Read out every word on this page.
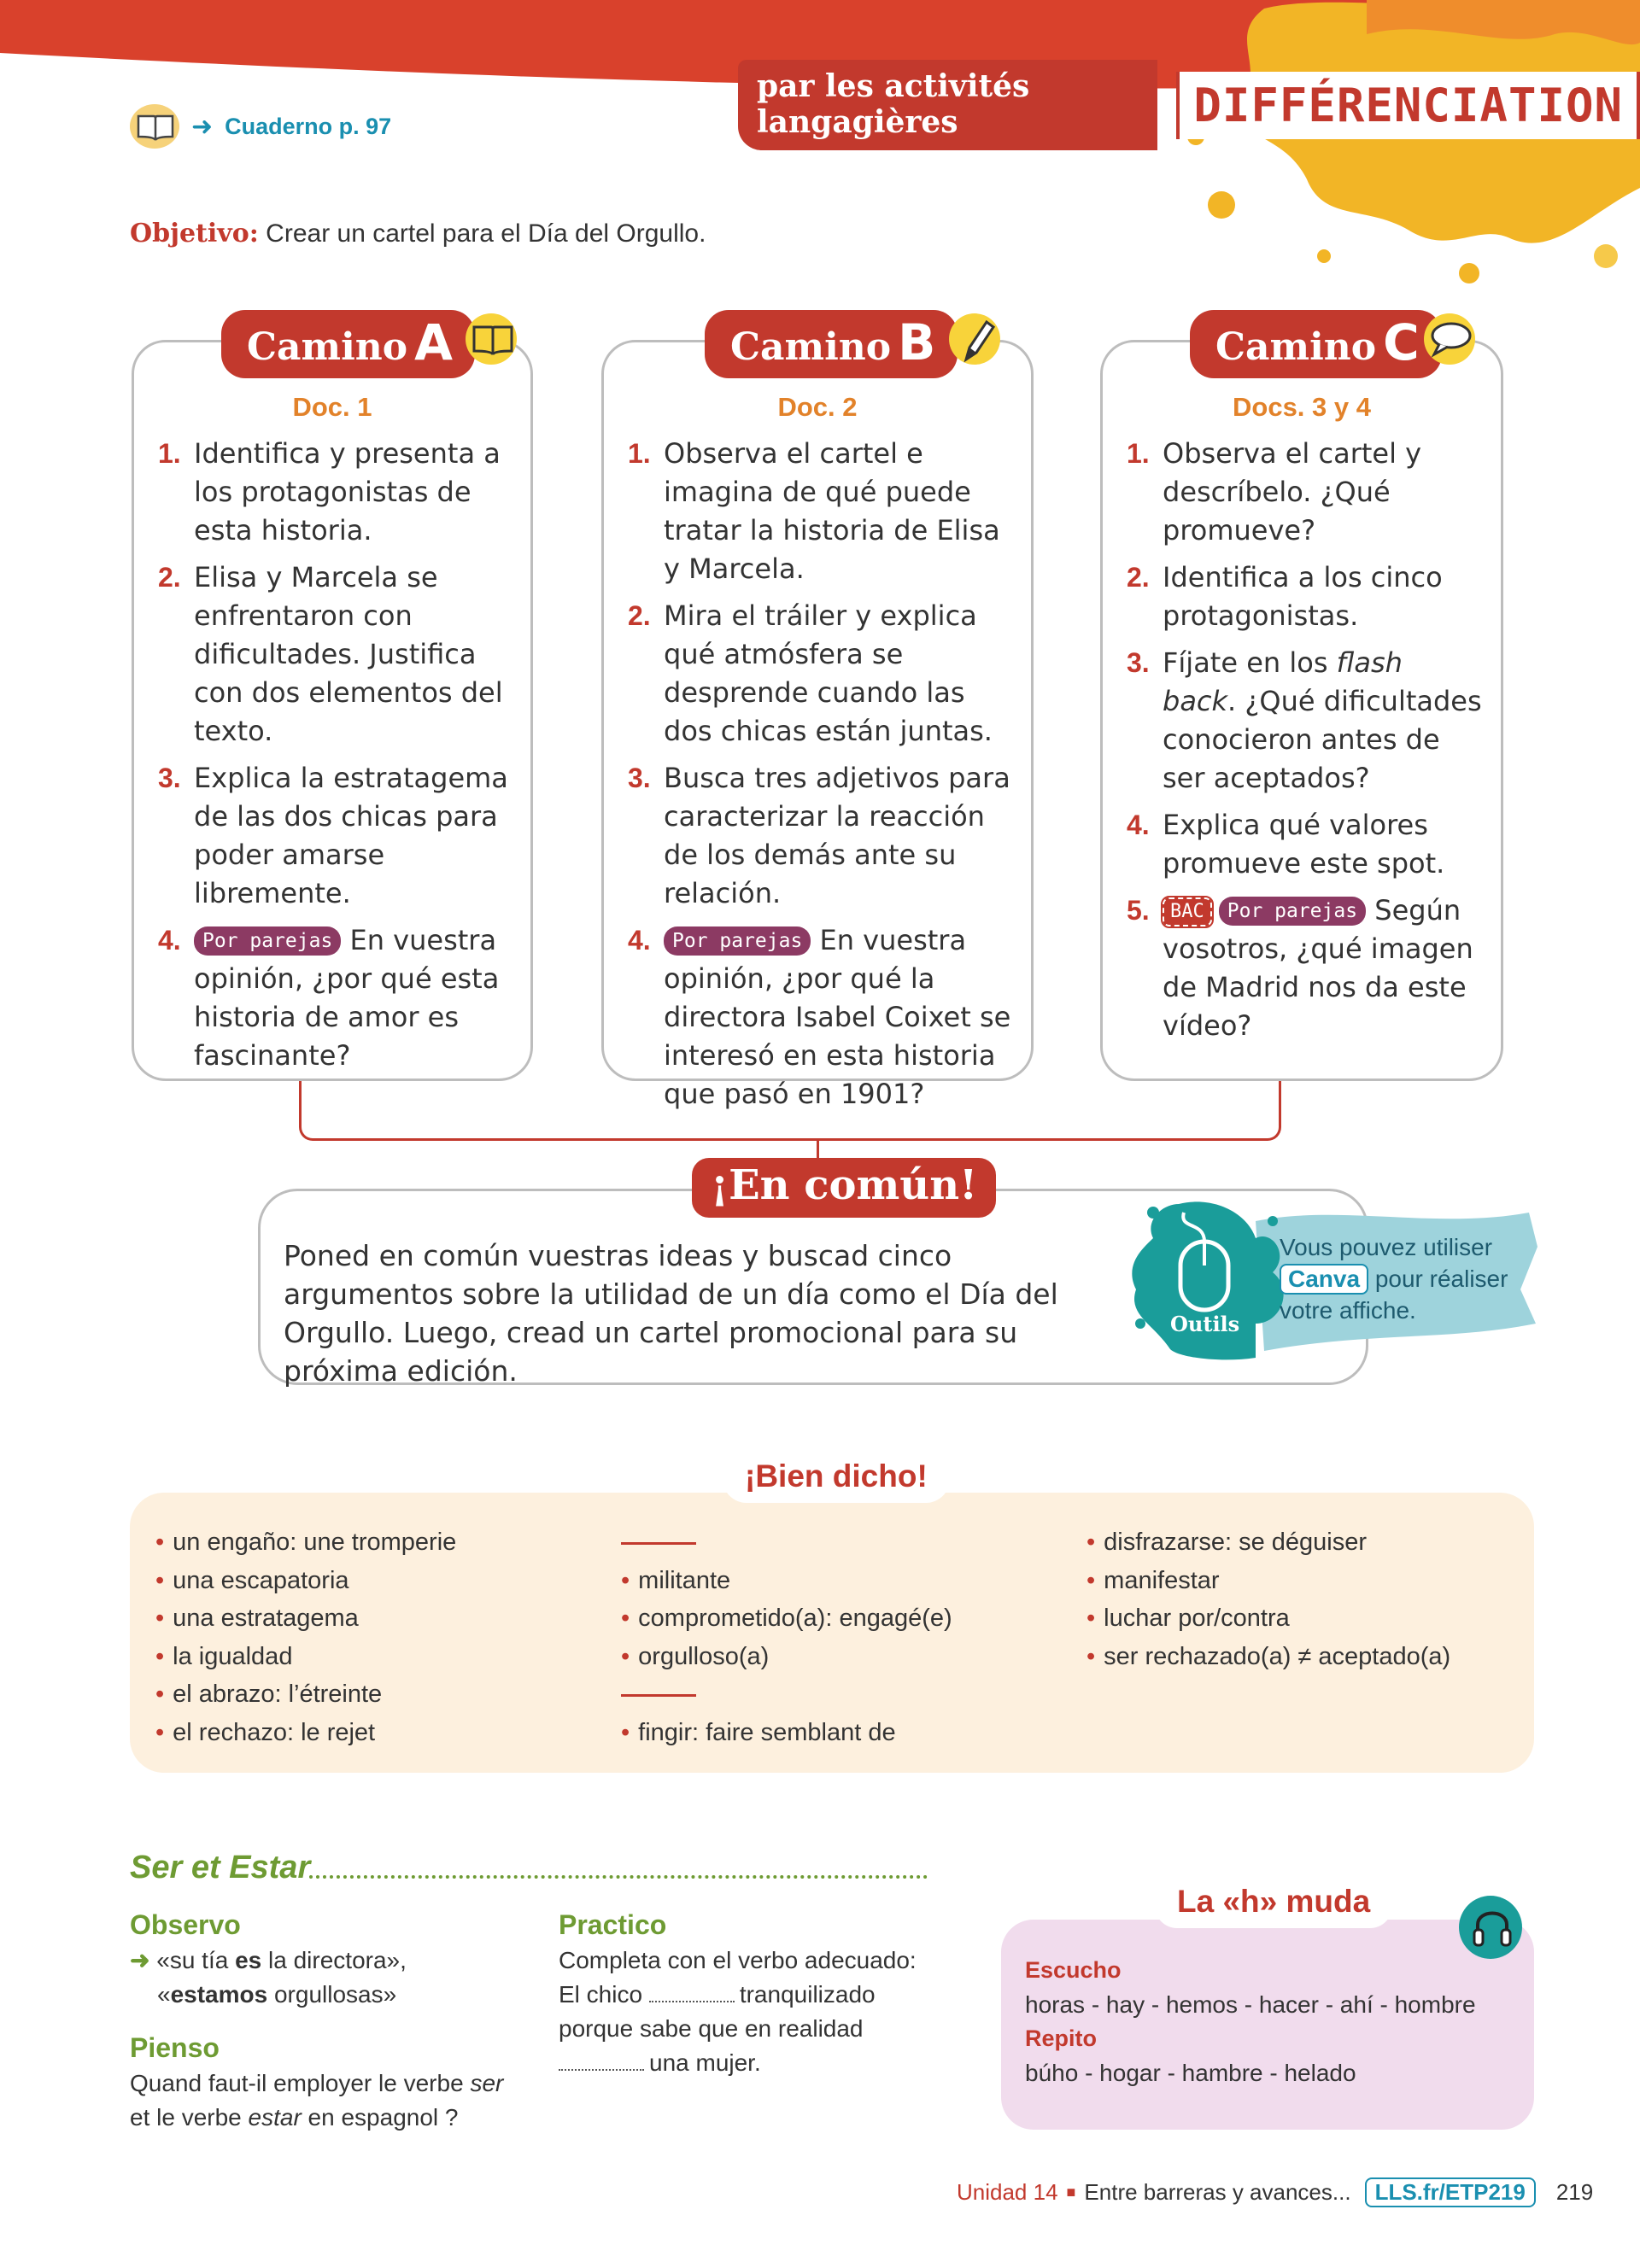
➜ Cuaderno p. 97
par les activités langagières	DIFFÉRENCIATION
Objetivo: Crear un cartel para el Día del Orgullo.
Camino A
Doc. 1
1. Identifica y presenta a los protagonistas de esta historia.
2. Elisa y Marcela se enfrentaron con dificultades. Justifica con dos elementos del texto.
3. Explica la estratagema de las dos chicas para poder amarse libremente.
4.	Por parejas En vuestra opinión, ¿por qué esta historia de amor es fascinante?
Camino B
Doc. 2
1. Observa el cartel e imagina de qué puede tratar la historia de Elisa y Marcela.
2. Mira el tráiler y explica qué atmósfera se desprende cuando las dos chicas están juntas.
3. Busca tres adjetivos para caracterizar la reacción de los demás ante su relación.
4.	Por parejas En vuestra opinión, ¿por qué la directora Isabel Coixet se interesó en esta historia que pasó en 1901?
Camino C
Docs. 3 y 4
1. Observa el cartel y descríbelo. ¿Qué promueve?
2. Identifica a los cinco protagonistas.
3. Fíjate en los flash back. ¿Qué dificultades conocieron antes de ser aceptados?
4. Explica qué valores promueve este spot.
5.	BAC Por parejas Según vosotros, ¿qué imagen de Madrid nos da este vídeo?
¡En común!
Poned en común vuestras ideas y buscad cinco argumentos sobre la utilidad de un día como el Día del Orgullo. Luego, cread un cartel promocional para su próxima edición.
Outils
Vous pouvez utiliser
Canva pour réaliser
votre affiche.
¡Bien dicho!
• un engaño: une tromperie
• una escapatoria
• una estratagema
• la igualdad
• el abrazo: l’étreinte
• el rechazo: le rejet
• militante
• comprometido(a): engagé(e)
• orgulloso(a)
• fingir: faire semblant de
• disfrazarse: se déguiser
• manifestar
• luchar por/contra
• ser rechazado(a) ≠ aceptado(a)
Ser et Estar
Observo
➜ «su tía es la directora»,
«estamos orgullosas»
Pienso
Quand faut-il employer le verbe ser
et le verbe estar en espagnol ?
Practico
Completa con el verbo adecuado:
El chico	tranquilizado
porque sabe que en realidad
una mujer.
La «h» muda
Escucho
horas - hay - hemos - hacer - ahí - hombre
Repito
búho - hogar - hambre - helado
Unidad 14 ■ Entre barreras y avances...	LLS.fr/ETP219	219
